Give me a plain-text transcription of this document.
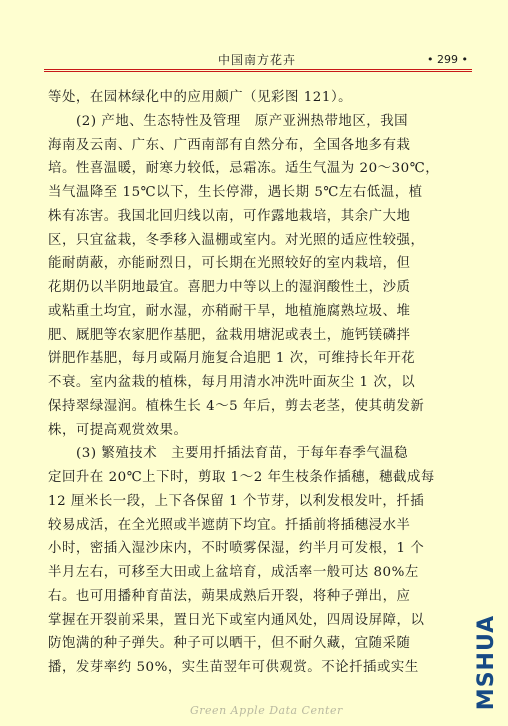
中国南方花卉	• 299 •
等处，在园林绿化中的应用颇广（见彩图 121）。
(2) 产地、生态特性及管理　原产亚洲热带地区，我国
海南及云南、广东、广西南部有自然分布，全国各地多有栽
培。性喜温暖，耐寒力较低，忌霜冻。适生气温为 20～30℃，
当气温降至 15℃以下，生长停滞，遇长期 5℃左右低温，植
株有冻害。我国北回归线以南，可作露地栽培，其余广大地
区，只宜盆栽，冬季移入温棚或室内。对光照的适应性较强，
能耐荫蔽，亦能耐烈日，可长期在光照较好的室内栽培，但
花期仍以半阴地最宜。喜肥力中等以上的湿润酸性土，沙质
或粘重土均宜，耐水湿，亦稍耐干旱，地植施腐熟垃圾、堆
肥、厩肥等农家肥作基肥，盆栽用塘泥或表土，施钙镁磷拌
饼肥作基肥，每月或隔月施复合追肥 1 次，可维持长年开花
不衰。室内盆栽的植株，每月用清水冲洗叶面灰尘 1 次，以
保持翠绿湿润。植株生长 4～5 年后，剪去老茎，使其萌发新
株，可提高观赏效果。
(3) 繁殖技术　主要用扦插法育苗，于每年春季气温稳
定回升在 20℃上下时，剪取 1～2 年生枝条作插穗，穗截成每
12 厘米长一段，上下各保留 1 个节芽，以利发根发叶，扦插
较易成活，在全光照或半遮荫下均宜。扦插前将插穗浸水半
小时，密插入湿沙床内，不时喷雾保湿，约半月可发根，1 个
半月左右，可移至大田或上盆培育，成活率一般可达 80%左
右。也可用播种育苗法，蒴果成熟后开裂，将种子弹出，应
掌握在开裂前采果，置日光下或室内通风处，四周设屏障，以
防饱满的种子弹失。种子可以晒干，但不耐久藏，宜随采随
播，发芽率约 50%，实生苗翌年可供观赏。不论扦插或实生	MSHUA
Green Apple Data Center
